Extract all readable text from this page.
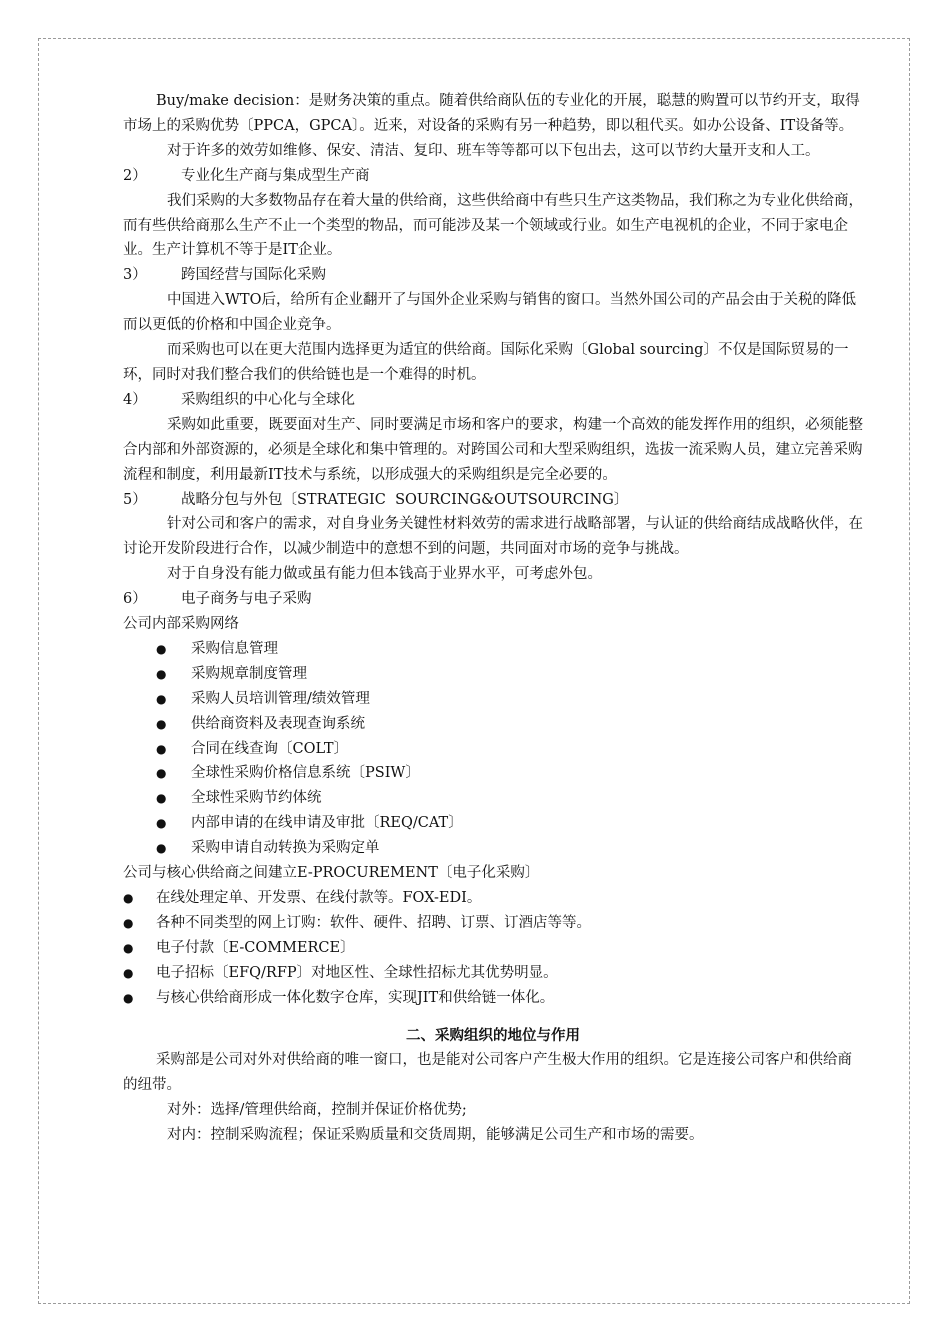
Buy/make decision：是财务决策的重点。随着供给商队伍的专业化的开展，聪慧的购置可以节约开支，取得市场上的采购优势〔PPCA，GPCA〕。近来，对设备的采购有另一种趋势，即以租代买。如办公设备、IT设备等。

对于许多的效劳如维修、保安、清洁、复印、班车等等都可以下包出去，这可以节约大量开支和人工。

2） 专业化生产商与集成型生产商

我们采购的大多数物品存在着大量的供给商，这些供给商中有些只生产这类物品，我们称之为专业化供给商，而有些供给商那么生产不止一个类型的物品，而可能涉及某一个领域或行业。如生产电视机的企业，不同于家电企业。生产计算机不等于是IT企业。

3） 跨国经营与国际化采购

中国进入WTO后，给所有企业翻开了与国外企业采购与销售的窗口。当然外国公司的产品会由于关税的降低而以更低的价格和中国企业竞争。

而采购也可以在更大范围内选择更为适宜的供给商。国际化采购〔Global sourcing〕不仅是国际贸易的一环，同时对我们整合我们的供给链也是一个难得的时机。

4） 采购组织的中心化与全球化

采购如此重要，既要面对生产、同时要满足市场和客户的要求，构建一个高效的能发挥作用的组织，必须能整合内部和外部资源的，必须是全球化和集中管理的。对跨国公司和大型采购组织，选拔一流采购人员，建立完善采购流程和制度，利用最新IT技术与系统，以形成强大的采购组织是完全必要的。

5） 战略分包与外包〔STRATEGIC  SOURCING&OUTSOURCING〕

针对公司和客户的需求，对自身业务关键性材料效劳的需求进行战略部署，与认证的供给商结成战略伙伴，在讨论开发阶段进行合作，以减少制造中的意想不到的问题，共同面对市场的竞争与挑战。

对于自身没有能力做或虽有能力但本钱高于业界水平，可考虑外包。

6） 电子商务与电子采购

公司内部采购网络

● 采购信息管理
● 采购规章制度管理
● 采购人员培训管理/绩效管理
● 供给商资料及表现查询系统
● 合同在线查询〔COLT〕
● 全球性采购价格信息系统〔PSIW〕
● 全球性采购节约体统
● 内部申请的在线申请及审批〔REQ/CAT〕
● 采购申请自动转换为采购定单

公司与核心供给商之间建立E-PROCUREMENT〔电子化采购〕

● 在线处理定单、开发票、在线付款等。FOX-EDI。
● 各种不同类型的网上订购：软件、硬件、招聘、订票、订酒店等等。
● 电子付款〔E-COMMERCE〕
● 电子招标〔EFQ/RFP〕对地区性、全球性招标尤其优势明显。
● 与核心供给商形成一体化数字仓库，实现JIT和供给链一体化。

二、采购组织的地位与作用

采购部是公司对外对供给商的唯一窗口，也是能对公司客户产生极大作用的组织。它是连接公司客户和供给商的纽带。

对外：选择/管理供给商，控制并保证价格优势;

对内：控制采购流程；保证采购质量和交货周期，能够满足公司生产和市场的需要。
